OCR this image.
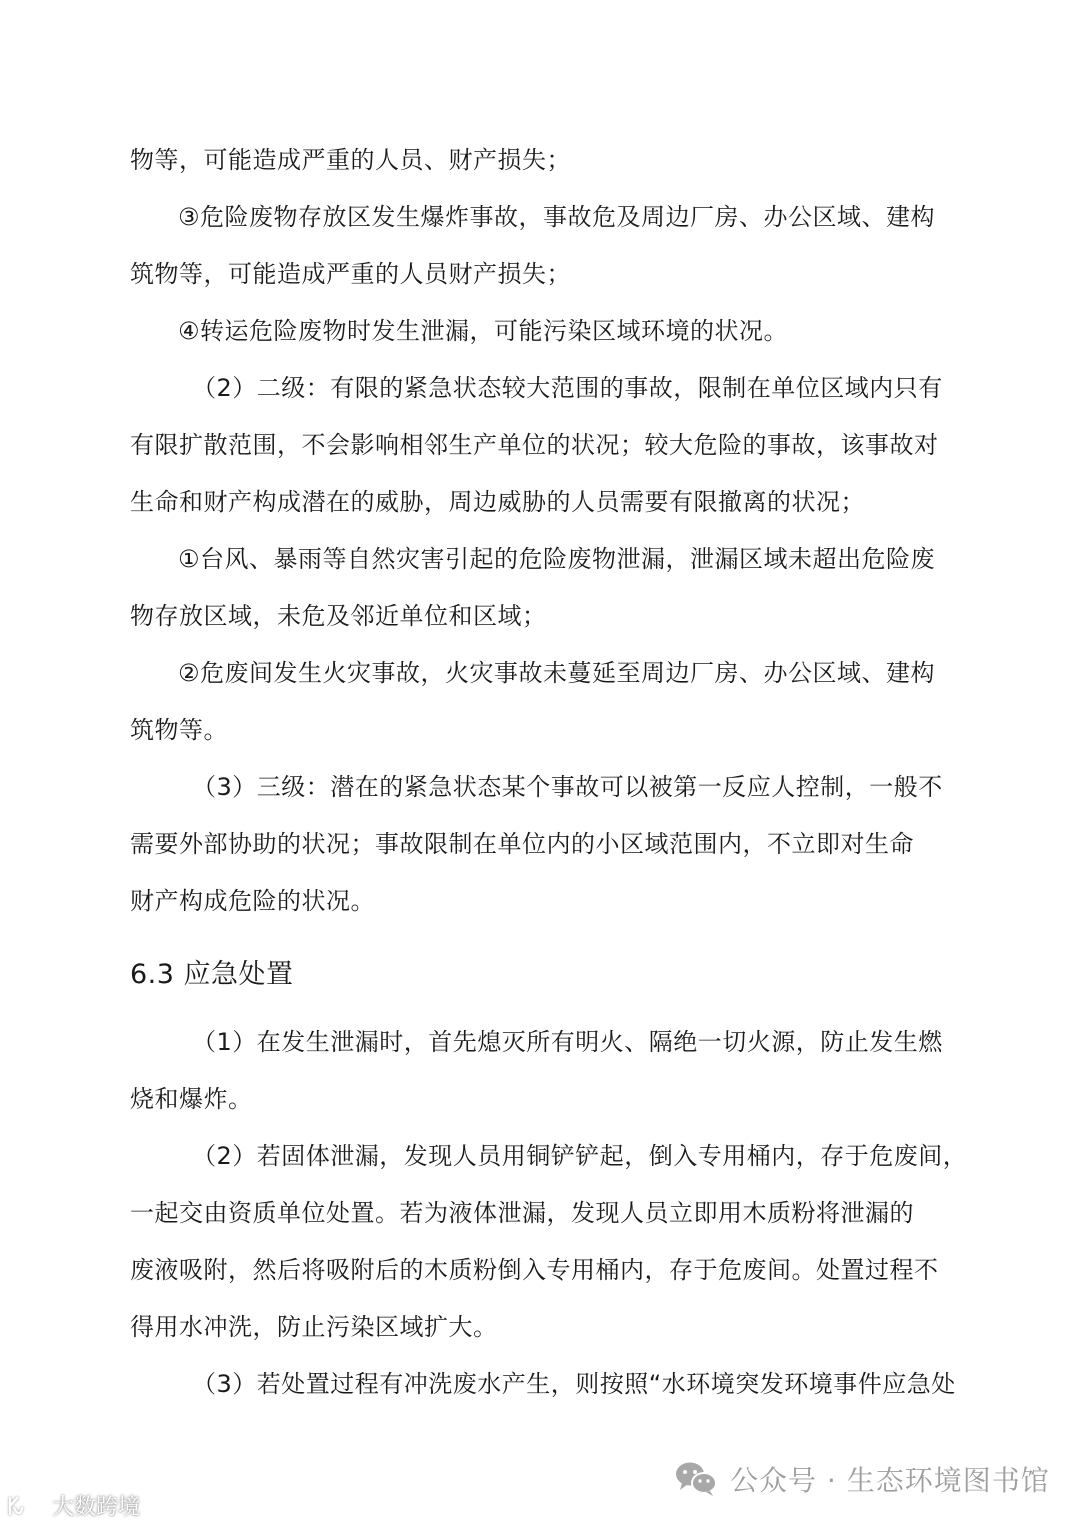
物等，可能造成严重的人员、财产损失；
③危险废物存放区发生爆炸事故，事故危及周边厂房、办公区域、建构
筑物等，可能造成严重的人员财产损失；
④转运危险废物时发生泄漏，可能污染区域环境的状况。
（2）二级：有限的紧急状态较大范围的事故，限制在单位区域内只有
有限扩散范围，不会影响相邻生产单位的状况；较大危险的事故，该事故对
生命和财产构成潜在的威胁，周边威胁的人员需要有限撤离的状况；
①台风、暴雨等自然灾害引起的危险废物泄漏，泄漏区域未超出危险废
物存放区域，未危及邻近单位和区域；
②危废间发生火灾事故，火灾事故未蔓延至周边厂房、办公区域、建构
筑物等。
（3）三级：潜在的紧急状态某个事故可以被第一反应人控制，一般不
需要外部协助的状况；事故限制在单位内的小区域范围内，不立即对生命
财产构成危险的状况。
6.3 应急处置
（1）在发生泄漏时，首先熄灭所有明火、隔绝一切火源，防止发生燃
烧和爆炸。
（2）若固体泄漏，发现人员用铜铲铲起，倒入专用桶内，存于危废间，
一起交由资质单位处置。若为液体泄漏，发现人员立即用木质粉将泄漏的
废液吸附，然后将吸附后的木质粉倒入专用桶内，存于危废间。处置过程不
得用水冲洗，防止污染区域扩大。
（3）若处置过程有冲洗废水产生，则按照“水环境突发环境事件应急处
公众号 · 生态环境图书馆
大数跨境
